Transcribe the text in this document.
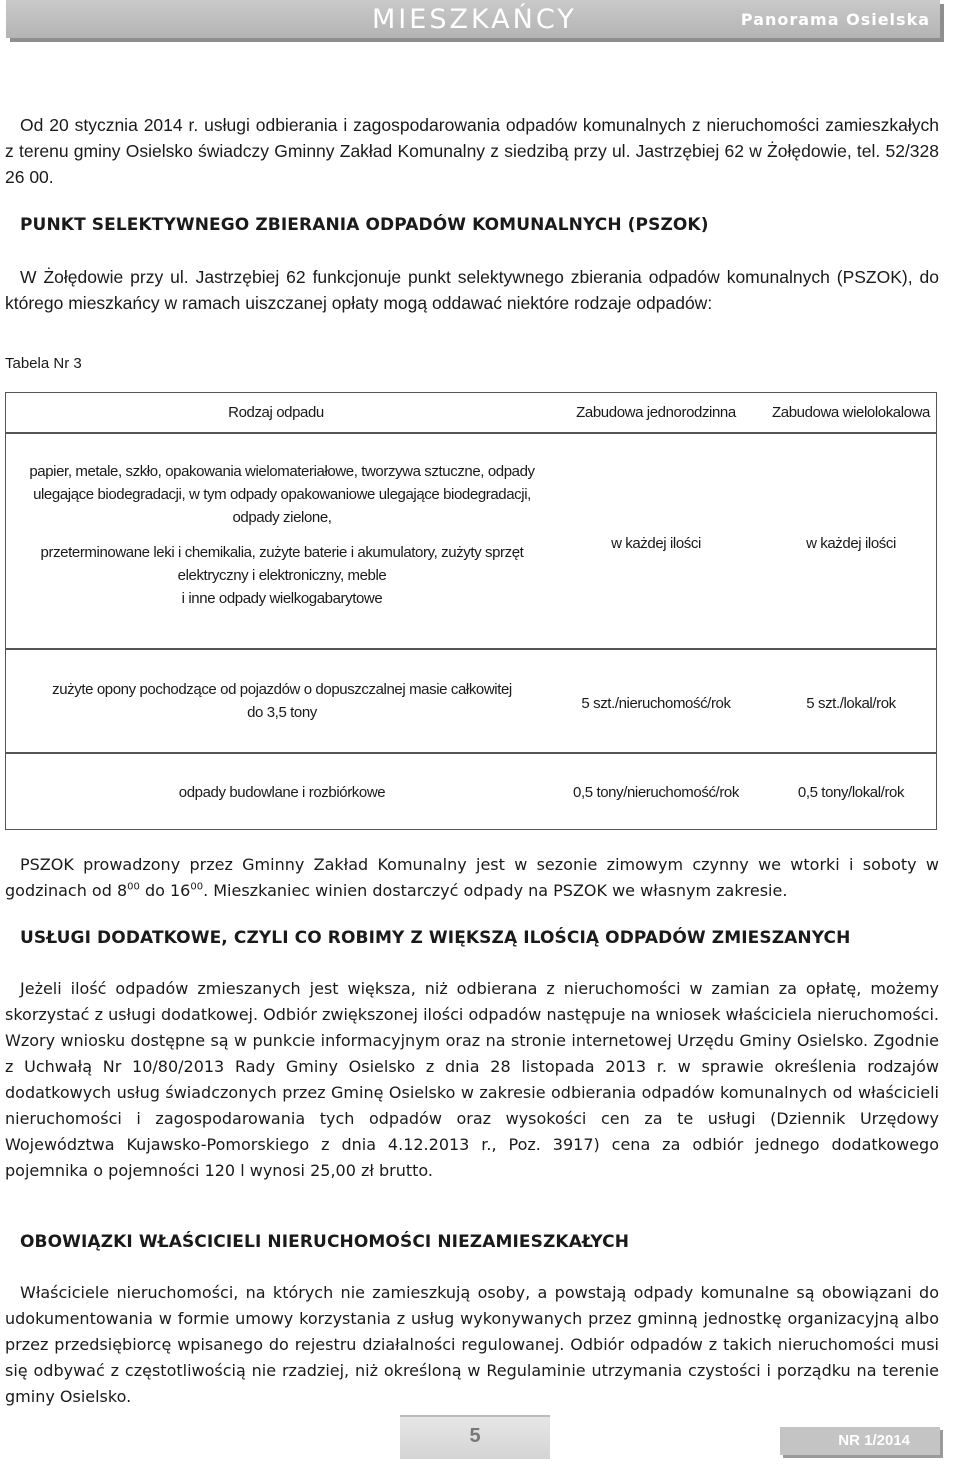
MIESZKAŃCY	Panorama Osielska

Od 20 stycznia 2014 r. usługi odbierania i zagospodarowania odpadów komunalnych z nieruchomości zamieszkałych z terenu gminy Osielsko świadczy Gminny Zakład Komunalny z siedzibą przy ul. Jastrzębiej 62 w Żołędowie, tel. 52/328 26 00.

PUNKT SELEKTYWNEGO ZBIERANIA ODPADÓW KOMUNALNYCH (PSZOK)

W Żołędowie przy ul. Jastrzębiej 62 funkcjonuje punkt selektywnego zbierania odpadów komunalnych (PSZOK), do którego mieszkańcy w ramach uiszczanej opłaty mogą oddawać niektóre rodzaje odpadów:

Tabela Nr 3
Rodzaj odpadu	Zabudowa jednorodzinna	Zabudowa wielolokalowa
papier, metale, szkło, opakowania wielomateriałowe, tworzywa sztuczne, odpady
ulegające biodegradacji, w tym odpady opakowaniowe ulegające biodegradacji,
odpady zielone,
przeterminowane leki i chemikalia, zużyte baterie i akumulatory, zużyty sprzęt
elektryczny i elektroniczny, meble
i inne odpady wielkogabarytowe
w każdej ilości	w każdej ilości
zużyte opony pochodzące od pojazdów o dopuszczalnej masie całkowitej
do 3,5 tony
5 szt./nieruchomość/rok	5 szt./lokal/rok
odpady budowlane i rozbiórkowe	0,5 tony/nieruchomość/rok	0,5 tony/lokal/rok

PSZOK prowadzony przez Gminny Zakład Komunalny jest w sezonie zimowym czynny we wtorki i soboty w godzinach od $8^{00}$ do $16^{00}$. Mieszkaniec winien dostarczyć odpady na PSZOK we własnym zakresie.

USŁUGI DODATKOWE, CZYLI CO ROBIMY Z WIĘKSZĄ ILOŚCIĄ ODPADÓW ZMIESZANYCH

Jeżeli ilość odpadów zmieszanych jest większa, niż odbierana z nieruchomości w zamian za opłatę, możemy skorzystać z usługi dodatkowej. Odbiór zwiększonej ilości odpadów następuje na wniosek właściciela nieruchomości. Wzory wniosku dostępne są w punkcie informacyjnym oraz na stronie internetowej Urzędu Gminy Osielsko. Zgodnie z Uchwałą Nr 10/80/2013 Rady Gminy Osielsko z dnia 28 listopada 2013 r. w sprawie określenia rodzajów dodatkowych usług świadczonych przez Gminę Osielsko w zakresie odbierania odpadów komunalnych od właścicieli nieruchomości i zagospodarowania tych odpadów oraz wysokości cen za te usługi (Dziennik Urzędowy Województwa Kujawsko-Pomorskiego z dnia 4.12.2013 r., Poz. 3917) cena za odbiór jednego dodatkowego pojemnika o pojemności 120 l wynosi 25,00 zł brutto.

OBOWIĄZKI WŁAŚCICIELI NIERUCHOMOŚCI NIEZAMIESZKAŁYCH

Właściciele nieruchomości, na których nie zamieszkują osoby, a powstają odpady komunalne są obowiązani do udokumentowania w formie umowy korzystania z usług wykonywanych przez gminną jednostkę organizacyjną albo przez przedsiębiorcę wpisanego do rejestru działalności regulowanej. Odbiór odpadów z takich nieruchomości musi się odbywać z częstotliwością nie rzadziej, niż określoną w Regulaminie utrzymania czystości i porządku na terenie gminy Osielsko.

5	NR 1/2014
